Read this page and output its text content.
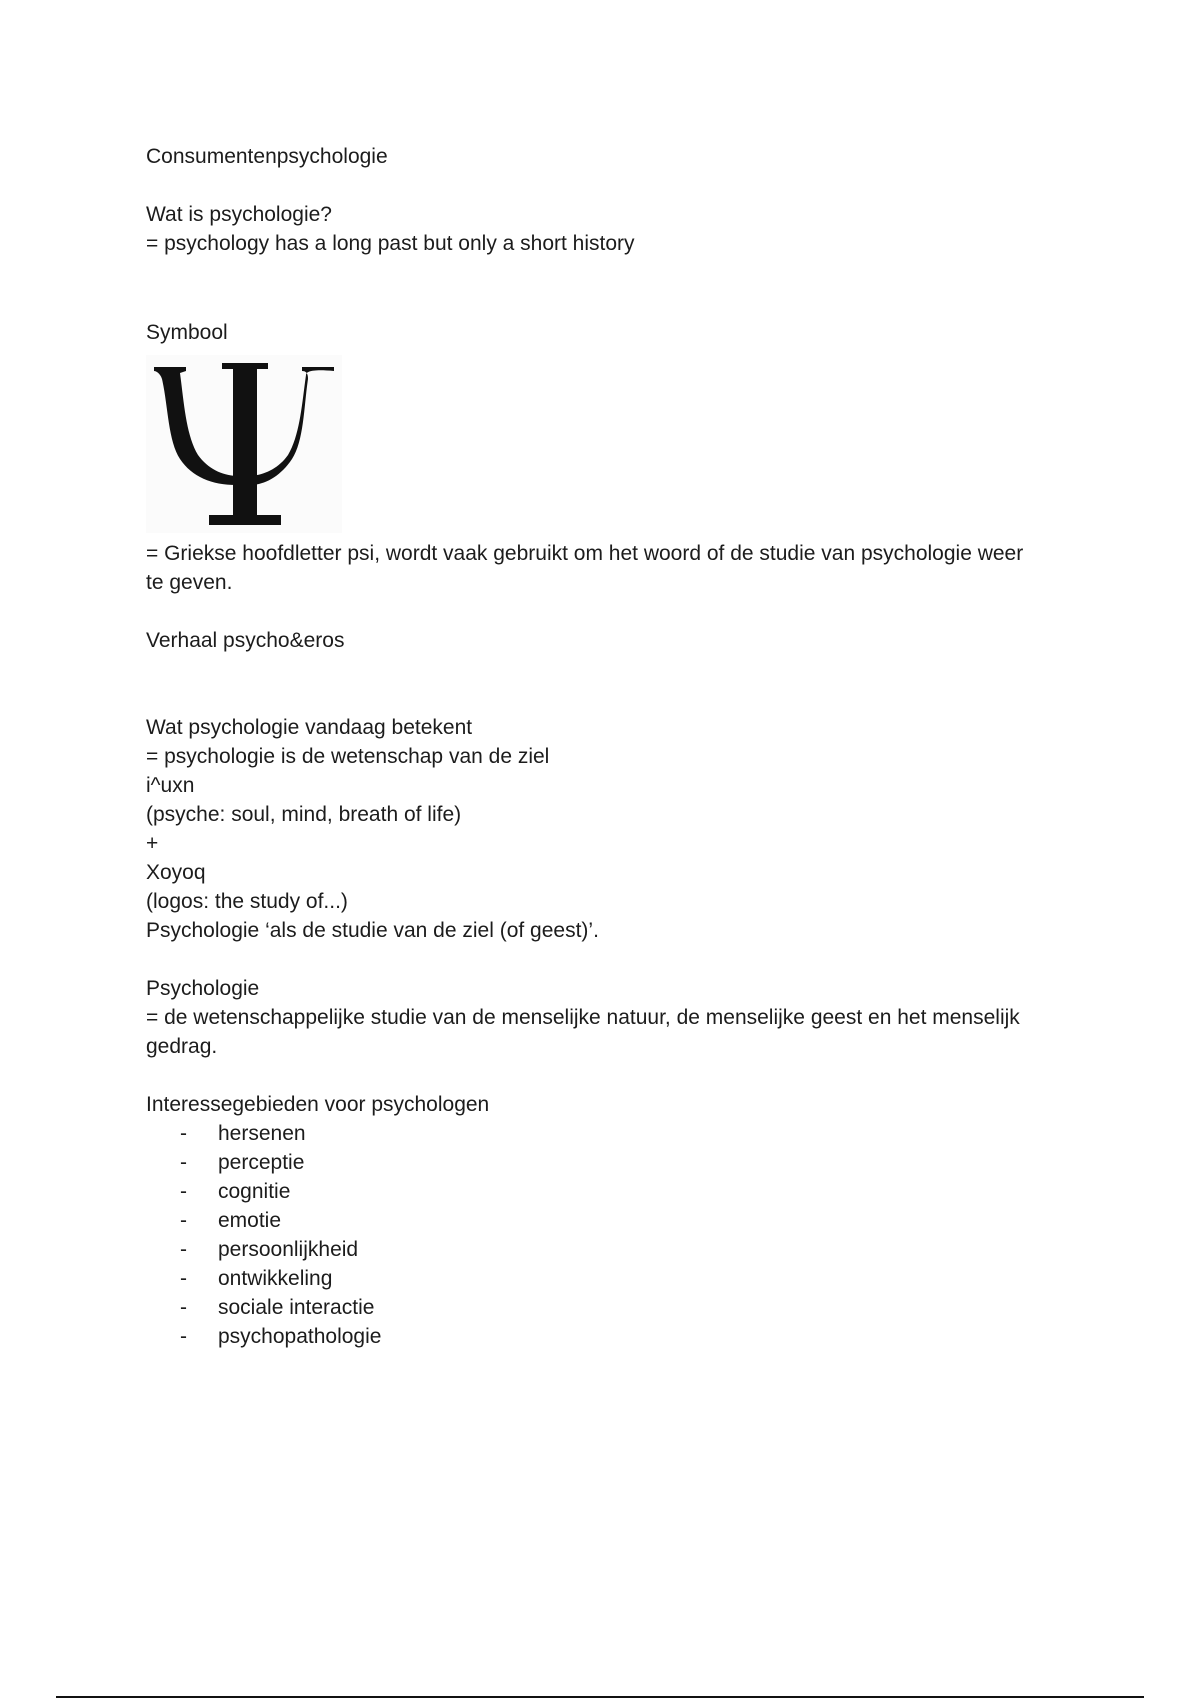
Consumentenpsychologie
Wat is psychologie?
= psychology has a long past but only a short history
Symbool
= Griekse hoofdletter psi, wordt vaak gebruikt om het woord of de studie van psychologie weer te geven.
Verhaal psycho&eros
Wat psychologie vandaag betekent
= psychologie is de wetenschap van de ziel
i^uxn
(psyche: soul, mind, breath of life)
+
Xoyoq
(logos: the study of...)
Psychologie ‘als de studie van de ziel (of geest)’.
Psychologie
= de wetenschappelijke studie van de menselijke natuur, de menselijke geest en het menselijk gedrag.
Interessegebieden voor psychologen
- hersenen
- perceptie
- cognitie
- emotie
- persoonlijkheid
- ontwikkeling
- sociale interactie
- psychopathologie
